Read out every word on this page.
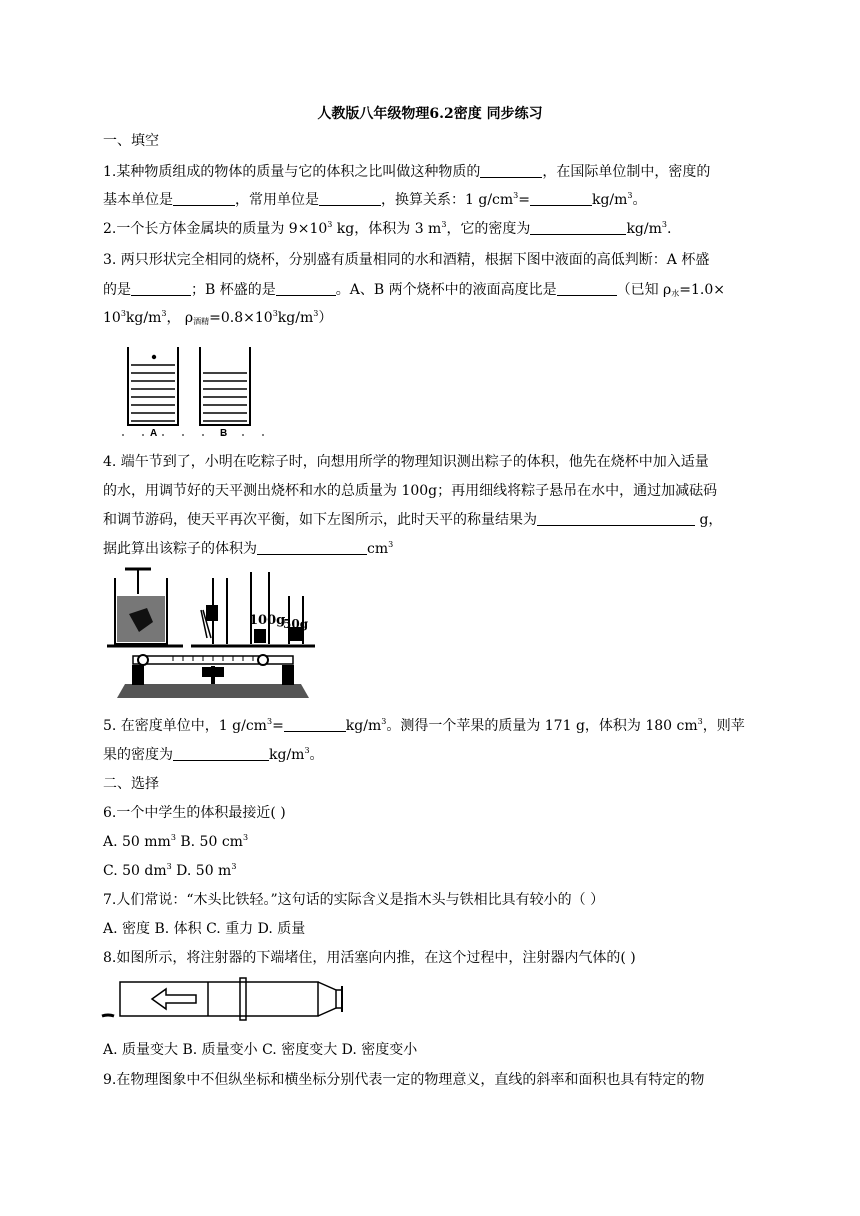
人教版八年级物理6.2密度 同步练习
一、填空
1.某种物质组成的物体的质量与它的体积之比叫做这种物质的	，在国际单位制中，密度的
基本单位是	，常用单位是	，换算关系：1 $g/cm^3=$	$kg/m^3$。
2.一个长方体金属块的质量为 $9\times 10^3$ kg，体积为 3 $m^3$，它的密度为	$kg/m^3$.
3. 两只形状完全相同的烧杯，分别盛有质量相同的水和酒精，根据下图中液面的高低判断：A 杯盛
的是	；B 杯盛的是	。A、B 两个烧杯中的液面高度比是	（已知 $\rho_水=1.0\times$
$10^3kg/m^3$， $\rho_{酒精}=0.8\times 10^3kg/m^3$）
A	B
4. 端午节到了，小明在吃粽子时，向想用所学的物理知识测出粽子的体积，他先在烧杯中加入适量
的水，用调节好的天平测出烧杯和水的总质量为 100g；再用细线将粽子悬吊在水中，通过加减砝码
和调节游码，使天平再次平衡，如下左图所示，此时天平的称量结果为	g，
据此算出该粽子的体积为	$cm^3$
100g
50g
5. 在密度单位中，1 $g/cm^3=$	$kg/m^3$。测得一个苹果的质量为 171 g，体积为 180 $cm^3$，则苹
果的密度为	$kg/m^3$。
二、选择
6.一个中学生的体积最接近( )
A. 50 $mm^3$ B. 50 $cm^3$
C. 50 $dm^3$ D. 50 $m^3$
7.人们常说：“木头比铁轻。”这句话的实际含义是指木头与铁相比具有较小的（ ）
A. 密度 B. 体积 C. 重力 D. 质量
8.如图所示，将注射器的下端堵住，用活塞向内推，在这个过程中，注射器内气体的( )
A. 质量变大 B. 质量变小 C. 密度变大 D. 密度变小
9.在物理图象中不但纵坐标和横坐标分别代表一定的物理意义，直线的斜率和面积也具有特定的物
